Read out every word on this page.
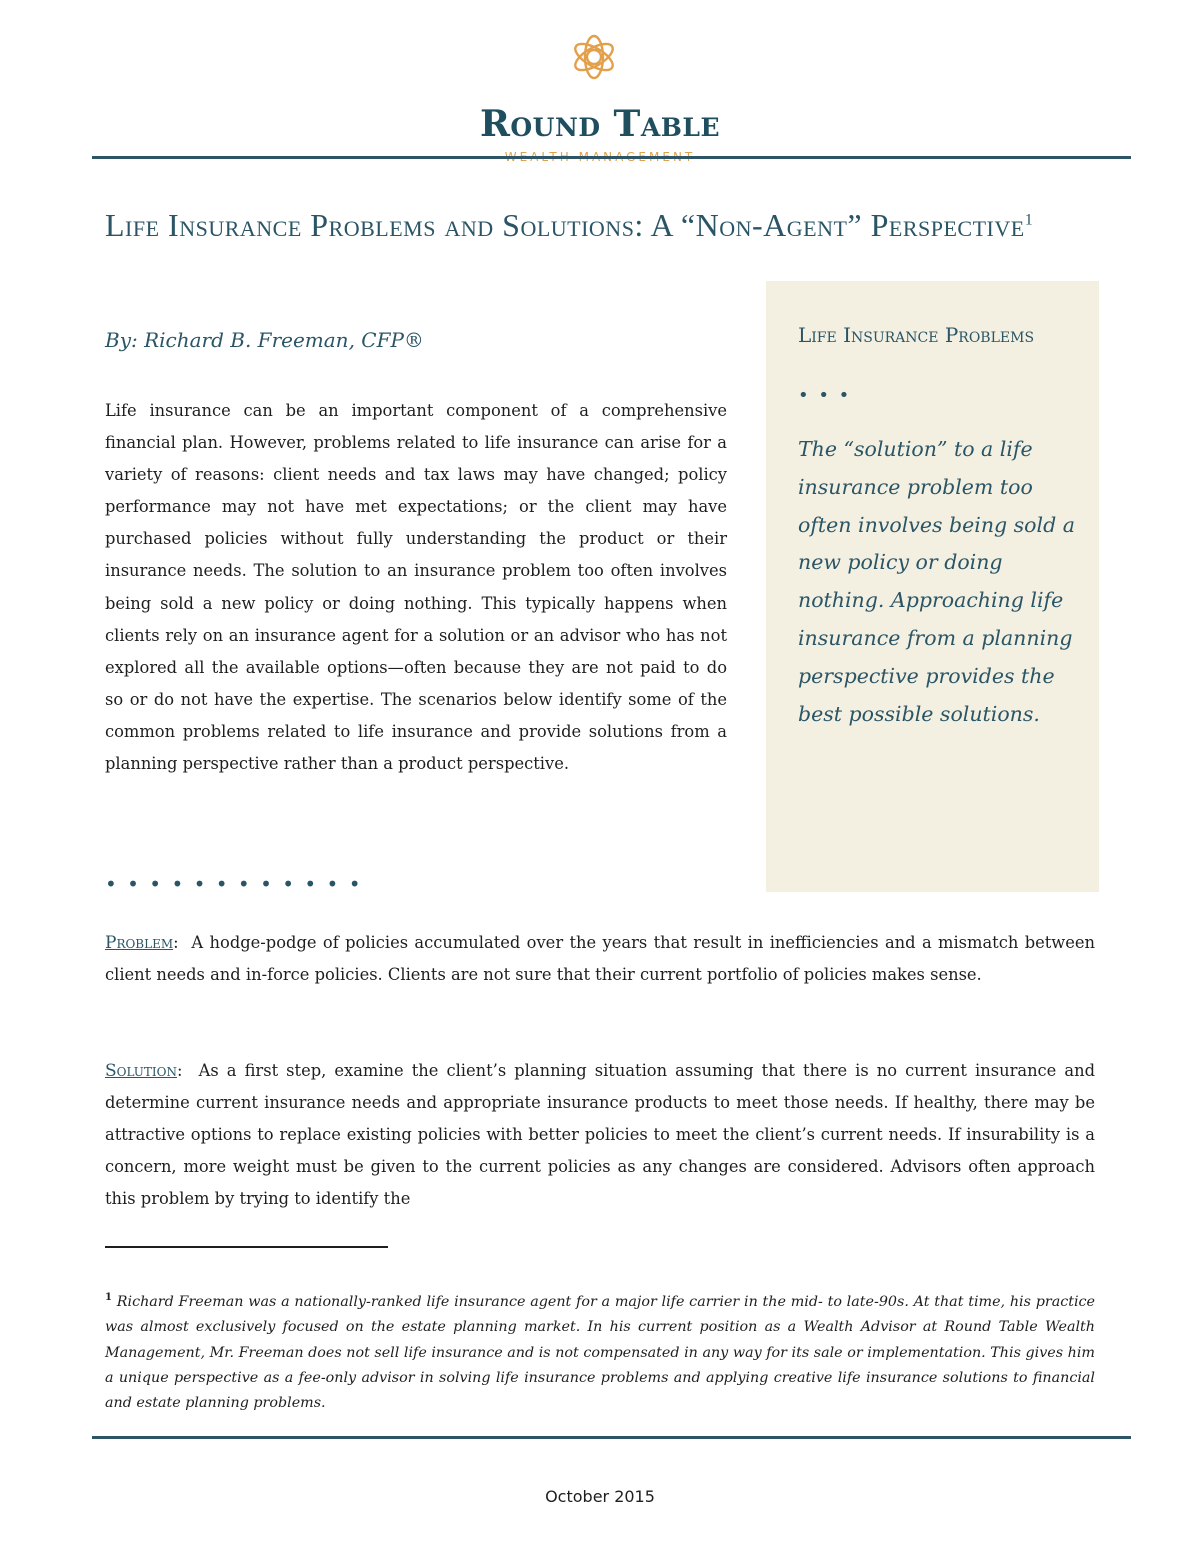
Round Table
Life Insurance Problems and Solutions: A “Non-Agent” Perspective$^1$
By: Richard B. Freeman, CFP®
Life insurance can be an important component of a comprehensive financial plan. However, problems related to life insurance can arise for a variety of reasons: client needs and tax laws may have changed; policy performance may not have met expectations; or the client may have purchased policies without fully understanding the product or their insurance needs. The solution to an insurance problem too often involves being sold a new policy or doing nothing. This typically happens when clients rely on an insurance agent for a solution or an advisor who has not explored all the available options—often because they are not paid to do so or do not have the expertise. The scenarios below identify some of the common problems related to life insurance and provide solutions from a planning perspective rather than a product perspective.
• • • • • • • • • • • •
Life Insurance Problems
• • •
The “solution” to a life insurance problem too often involves being sold a new policy or doing nothing. Approaching life insurance from a planning perspective provides the best possible solutions.
Problem:  A hodge-podge of policies accumulated over the years that result in inefficiencies and a mismatch between client needs and in-force policies. Clients are not sure that their current portfolio of policies makes sense.
Solution:  As a first step, examine the client’s planning situation assuming that there is no current insurance and determine current insurance needs and appropriate insurance products to meet those needs. If healthy, there may be attractive options to replace existing policies with better policies to meet the client’s current needs. If insurability is a concern, more weight must be given to the current policies as any changes are considered. Advisors often approach this problem by trying to identify the
$^1$ Richard Freeman was a nationally-ranked life insurance agent for a major life carrier in the mid- to late-90s. At that time, his practice was almost exclusively focused on the estate planning market. In his current position as a Wealth Advisor at Round Table Wealth Management, Mr. Freeman does not sell life insurance and is not compensated in any way for its sale or implementation. This gives him a unique perspective as a fee-only advisor in solving life insurance problems and applying creative life insurance solutions to financial and estate planning problems.
October 2015
